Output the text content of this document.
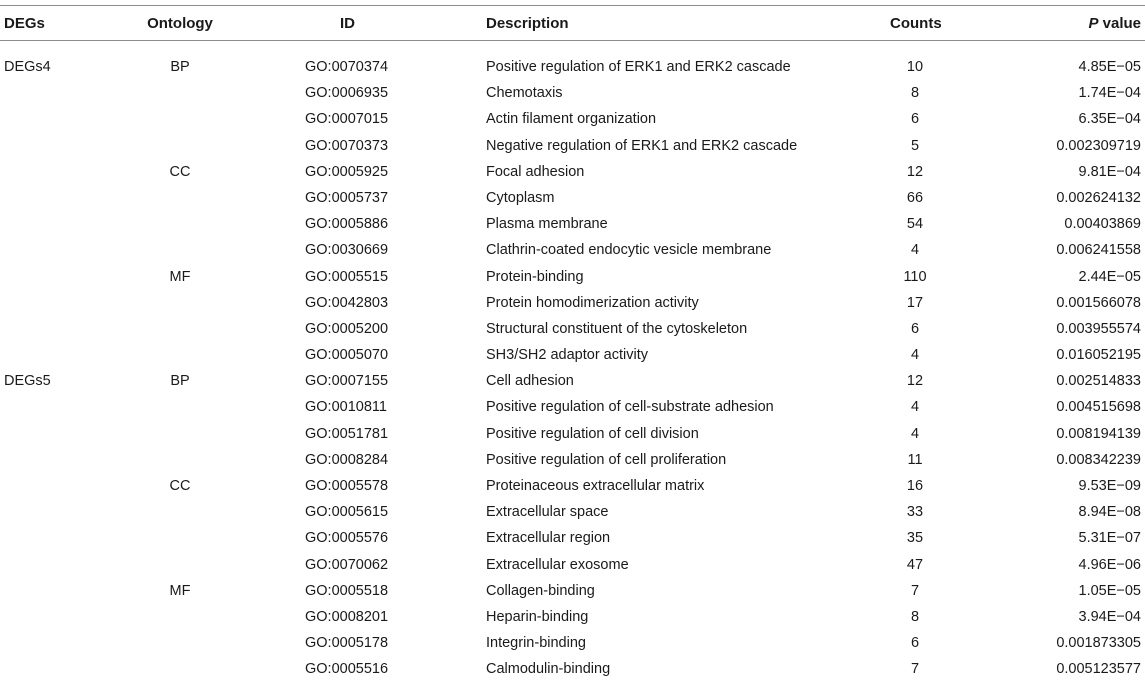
DEGs	Ontology	ID	Description	Counts	P value
DEGs4	BP	GO:0070374	Positive regulation of ERK1 and ERK2 cascade	10	4.85E−05
GO:0006935	Chemotaxis	8	1.74E−04
GO:0007015	Actin filament organization	6	6.35E−04
GO:0070373	Negative regulation of ERK1 and ERK2 cascade	5	0.002309719
CC	GO:0005925	Focal adhesion	12	9.81E−04
GO:0005737	Cytoplasm	66	0.002624132
GO:0005886	Plasma membrane	54	0.00403869
GO:0030669	Clathrin-coated endocytic vesicle membrane	4	0.006241558
MF	GO:0005515	Protein-binding	110	2.44E−05
GO:0042803	Protein homodimerization activity	17	0.001566078
GO:0005200	Structural constituent of the cytoskeleton	6	0.003955574
GO:0005070	SH3/SH2 adaptor activity	4	0.016052195
DEGs5	BP	GO:0007155	Cell adhesion	12	0.002514833
GO:0010811	Positive regulation of cell-substrate adhesion	4	0.004515698
GO:0051781	Positive regulation of cell division	4	0.008194139
GO:0008284	Positive regulation of cell proliferation	11	0.008342239
CC	GO:0005578	Proteinaceous extracellular matrix	16	9.53E−09
GO:0005615	Extracellular space	33	8.94E−08
GO:0005576	Extracellular region	35	5.31E−07
GO:0070062	Extracellular exosome	47	4.96E−06
MF	GO:0005518	Collagen-binding	7	1.05E−05
GO:0008201	Heparin-binding	8	3.94E−04
GO:0005178	Integrin-binding	6	0.001873305
GO:0005516	Calmodulin-binding	7	0.005123577
